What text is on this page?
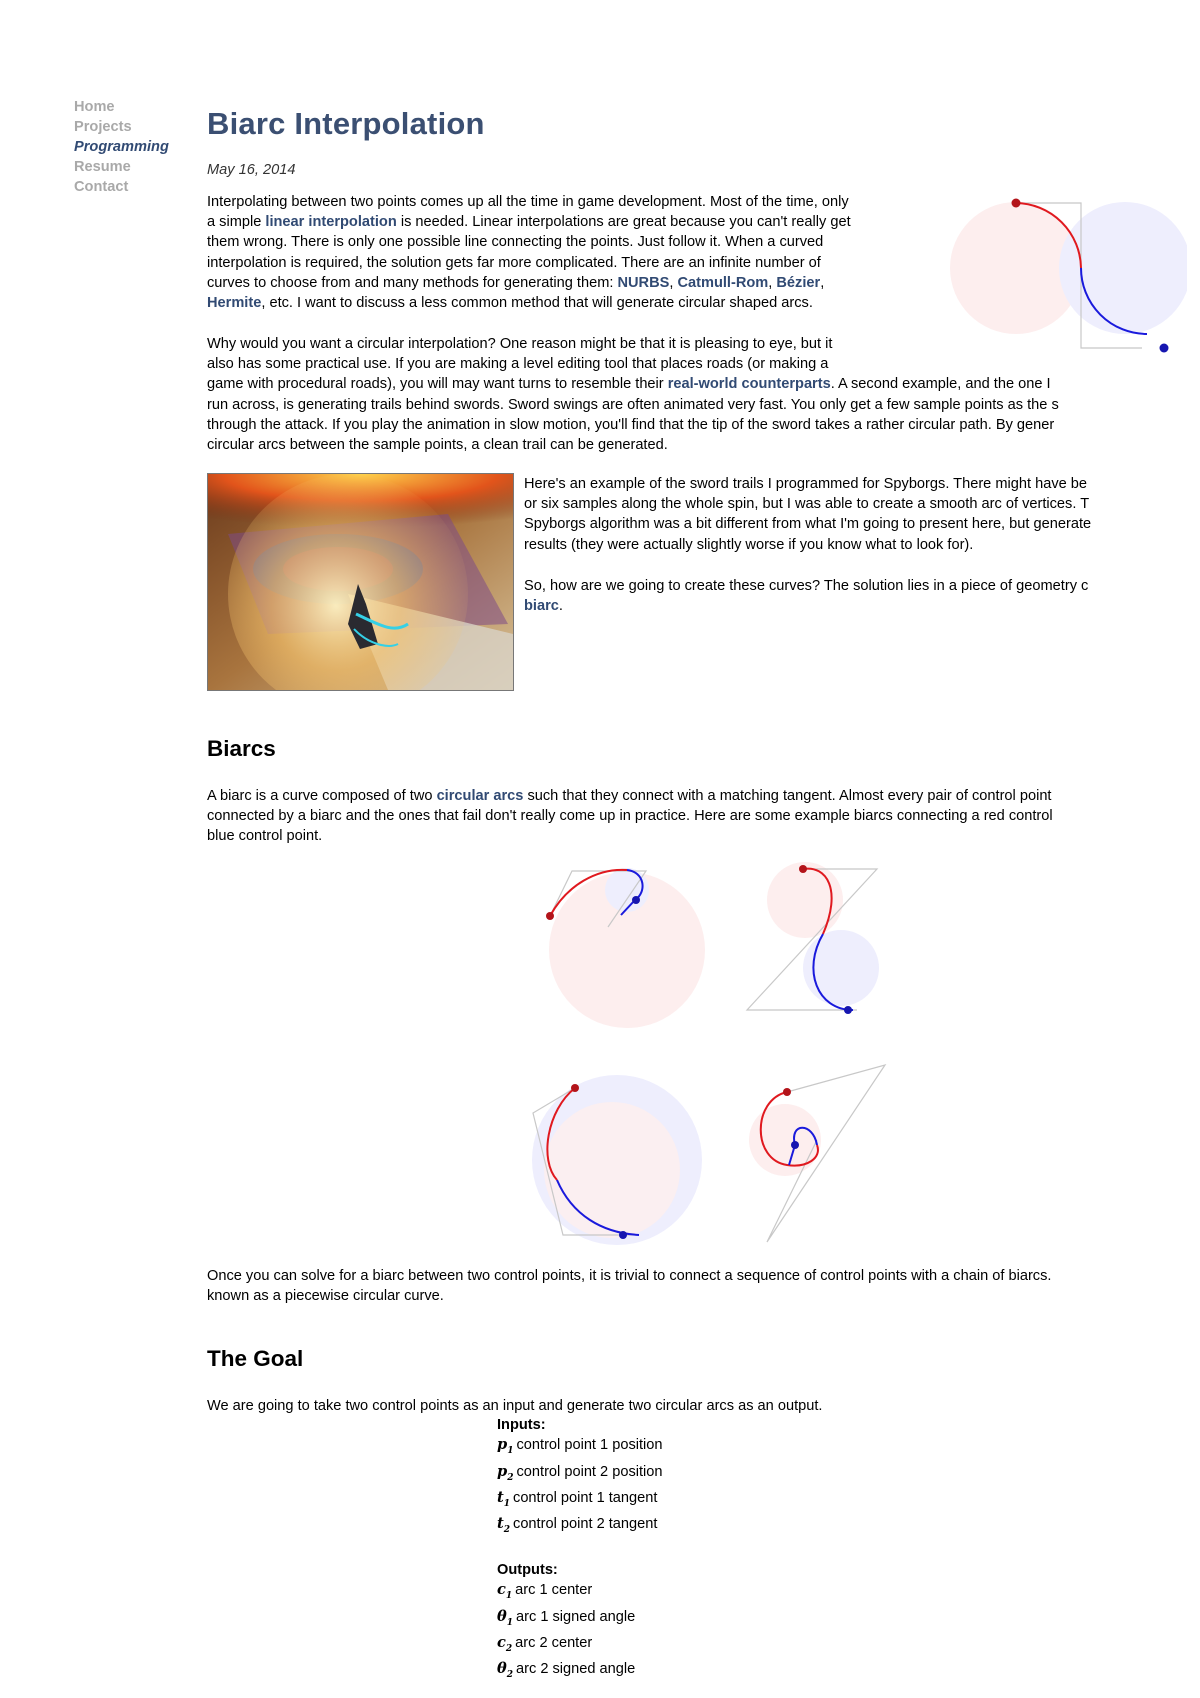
Home
Projects
Programming
Resume
Contact
Biarc Interpolation
May 16, 2014

Interpolating between two points comes up all the time in game development. Most of the time, only
a simple linear interpolation is needed. Linear interpolations are great because you can't really get
them wrong. There is only one possible line connecting the points. Just follow it. When a curved
interpolation is required, the solution gets far more complicated. There are an infinite number of
curves to choose from and many methods for generating them: NURBS, Catmull-Rom, Bézier,
Hermite, etc. I want to discuss a less common method that will generate circular shaped arcs.

Why would you want a circular interpolation? One reason might be that it is pleasing to eye, but it
also has some practical use. If you are making a level editing tool that places roads (or making a
game with procedural roads), you will may want turns to resemble their real-world counterparts. A second example, and the one I
run across, is generating trails behind swords. Sword swings are often animated very fast. You only get a few sample points as the s
through the attack. If you play the animation in slow motion, you'll find that the tip of the sword takes a rather circular path. By gener
circular arcs between the sample points, a clean trail can be generated.

Here's an example of the sword trails I programmed for Spyborgs. There might have be
or six samples along the whole spin, but I was able to create a smooth arc of vertices. T
Spyborgs algorithm was a bit different from what I'm going to present here, but generate
results (they were actually slightly worse if you know what to look for).

So, how are we going to create these curves? The solution lies in a piece of geometry c
biarc.

Biarcs

A biarc is a curve composed of two circular arcs such that they connect with a matching tangent. Almost every pair of control point
connected by a biarc and the ones that fail don't really come up in practice. Here are some example biarcs connecting a red control
blue control point.

Once you can solve for a biarc between two control points, it is trivial to connect a sequence of control points with a chain of biarcs.
known as a piecewise circular curve.

The Goal

We are going to take two control points as an input and generate two circular arcs as an output.

Inputs:
$p_1$ control point 1 position
$p_2$ control point 2 position
$t_1$ control point 1 tangent
$t_2$ control point 2 tangent
Outputs:
$c_1$ arc 1 center
$\theta_1$ arc 1 signed angle
$c_2$ arc 2 center
$\theta_2$ arc 2 signed angle
